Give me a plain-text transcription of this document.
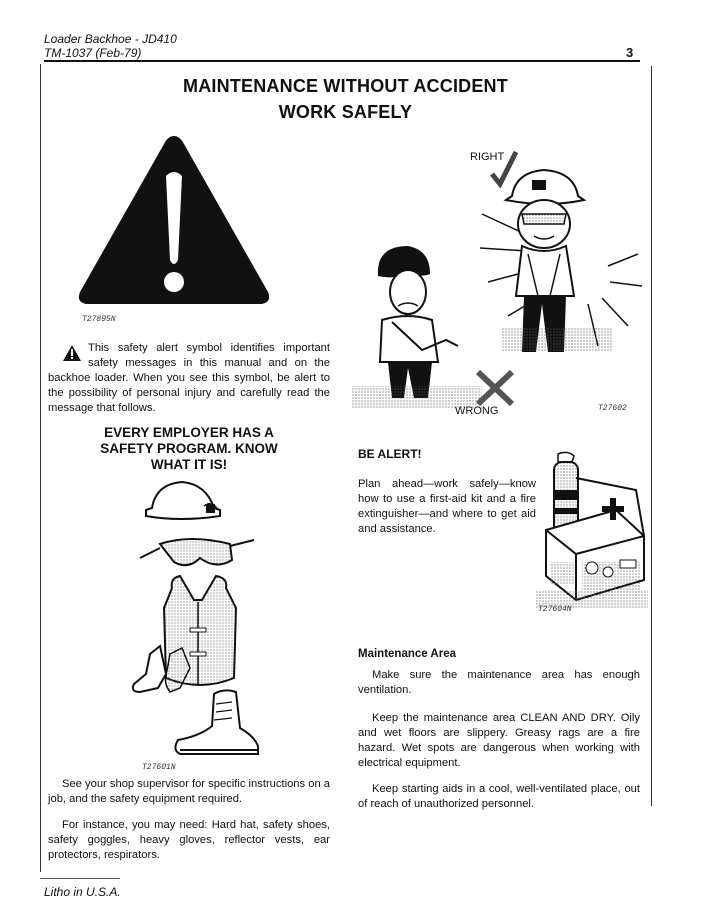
Loader Backhoe - JD410
TM-1037 (Feb-79)	3
MAINTENANCE WITHOUT ACCIDENT
WORK SAFELY
T27895N
This safety alert symbol identifies important safety messages in this manual and on the backhoe loader. When you see this symbol, be alert to the possibility of personal injury and carefully read the message that follows.
EVERY EMPLOYER HAS A
SAFETY PROGRAM. KNOW
WHAT IT IS!
T27601N

See your shop supervisor for specific instructions on a job, and the safety equipment required.

For instance, you may need: Hard hat, safety shoes, safety goggles, heavy gloves, reflector vests, ear protectors, respirators.

RIGHT
WRONG	T27602
BE ALERT!

Plan ahead—work safely—know how to use a first-aid kit and a fire extinguisher—and where to get aid and assistance.

T27604N
Maintenance Area

Make sure the maintenance area has enough ventilation.

Keep the maintenance area CLEAN AND DRY. Oily and wet floors are slippery. Greasy rags are a fire hazard. Wet spots are dangerous when working with electrical equipment.

Keep starting aids in a cool, well-ventilated place, out of reach of unauthorized personnel.

Litho in U.S.A.
